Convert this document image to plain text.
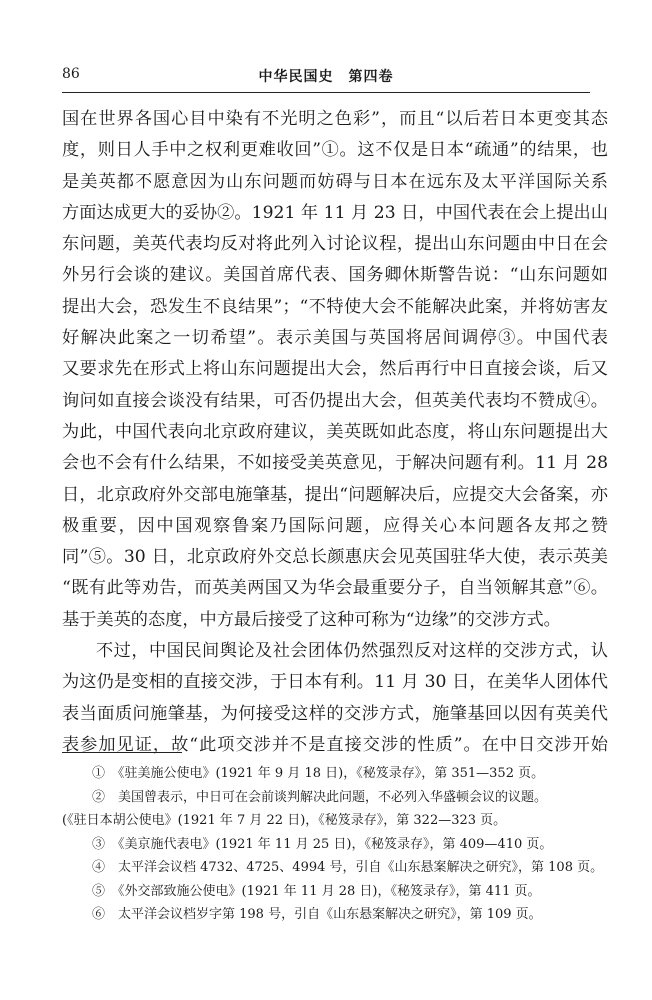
86	中华民国史　第四卷
国在世界各国心目中染有不光明之色彩”，而且“以后若日本更变其态
度，则日人手中之权利更难收回”①。这不仅是日本“疏通”的结果，也
是美英都不愿意因为山东问题而妨碍与日本在远东及太平洋国际关系
方面达成更大的妥协②。1921 年 11 月 23 日，中国代表在会上提出山
东问题，美英代表均反对将此列入讨论议程，提出山东问题由中日在会
外另行会谈的建议。美国首席代表、国务卿休斯警告说：“山东问题如
提出大会，恐发生不良结果”；“不特使大会不能解决此案，并将妨害友
好解决此案之一切希望”。表示美国与英国将居间调停③。中国代表
又要求先在形式上将山东问题提出大会，然后再行中日直接会谈，后又
询问如直接会谈没有结果，可否仍提出大会，但英美代表均不赞成④。
为此，中国代表向北京政府建议，美英既如此态度，将山东问题提出大
会也不会有什么结果，不如接受美英意见，于解决问题有利。11 月 28
日，北京政府外交部电施肇基，提出“问题解决后，应提交大会备案，亦
极重要，因中国观察鲁案乃国际问题，应得关心本问题各友邦之赞
同”⑤。30 日，北京政府外交总长颜惠庆会见英国驻华大使，表示英美
“既有此等劝告，而英美两国又为华会最重要分子，自当领解其意”⑥。
基于美英的态度，中方最后接受了这种可称为“边缘”的交涉方式。
不过，中国民间舆论及社会团体仍然强烈反对这样的交涉方式，认
为这仍是变相的直接交涉，于日本有利。11 月 30 日，在美华人团体代
表当面质问施肇基，为何接受这样的交涉方式，施肇基回以因有英美代
表参加见证，故“此项交涉并不是直接交涉的性质”。在中日交涉开始
①　《驻美施公使电》(1921 年 9 月 18 日)，《秘笈录存》，第 351—352 页。
②　美国曾表示，中日可在会前谈判解决此问题，不必列入华盛顿会议的议题。
(《驻日本胡公使电》(1921 年 7 月 22 日)，《秘笈录存》，第 322—323 页。
③　《美京施代表电》(1921 年 11 月 25 日)，《秘笈录存》，第 409—410 页。
④　太平洋会议档 4732、4725、4994 号，引自《山东悬案解决之研究》，第 108 页。
⑤　《外交部致施公使电》(1921 年 11 月 28 日)，《秘笈录存》，第 411 页。
⑥　太平洋会议档岁字第 198 号，引自《山东悬案解决之研究》，第 109 页。
